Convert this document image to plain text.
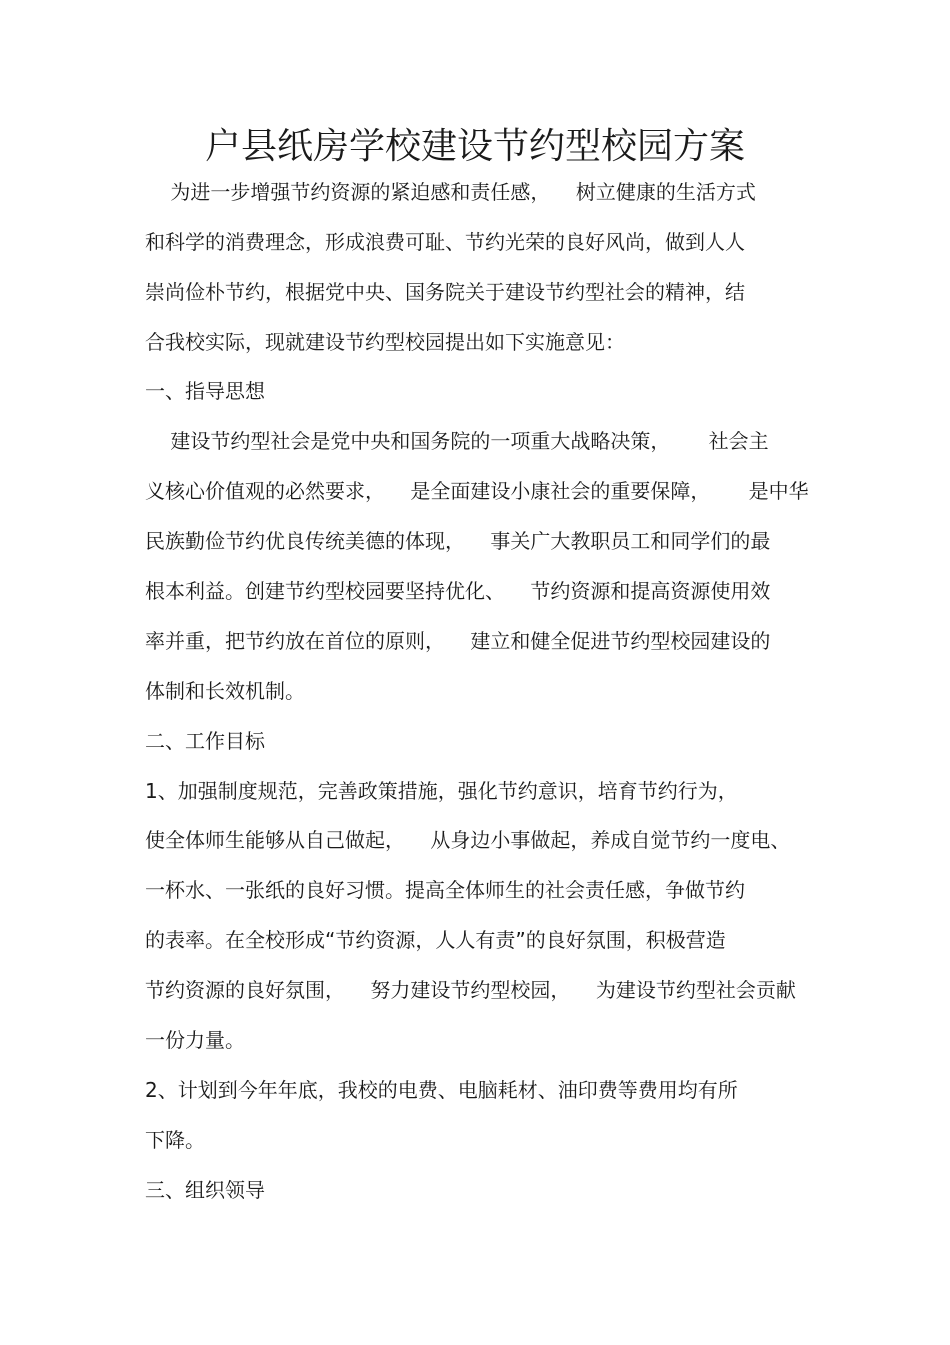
户县纸房学校建设节约型校园方案

为进一步增强节约资源的紧迫感和责任感，    树立健康的生活方式

和科学的消费理念，形成浪费可耻、节约光荣的良好风尚，做到人人

崇尚俭朴节约，根据党中央、国务院关于建设节约型社会的精神，结

合我校实际，现就建设节约型校园提出如下实施意见：

一、指导思想

建设节约型社会是党中央和国务院的一项重大战略决策，      社会主

义核心价值观的必然要求，    是全面建设小康社会的重要保障，      是中华

民族勤俭节约优良传统美德的体现，    事关广大教职员工和同学们的最

根本利益。创建节约型校园要坚持优化、    节约资源和提高资源使用效

率并重，把节约放在首位的原则，    建立和健全促进节约型校园建设的

体制和长效机制。

二、工作目标

1、加强制度规范，完善政策措施，强化节约意识，培育节约行为，

使全体师生能够从自己做起，    从身边小事做起，养成自觉节约一度电、

一杯水、一张纸的良好习惯。提高全体师生的社会责任感，争做节约

的表率。在全校形成“节约资源，人人有责”的良好氛围，积极营造

节约资源的良好氛围，    努力建设节约型校园，    为建设节约型社会贡献

一份力量。

2、计划到今年年底，我校的电费、电脑耗材、油印费等费用均有所

下降。

三、组织领导
